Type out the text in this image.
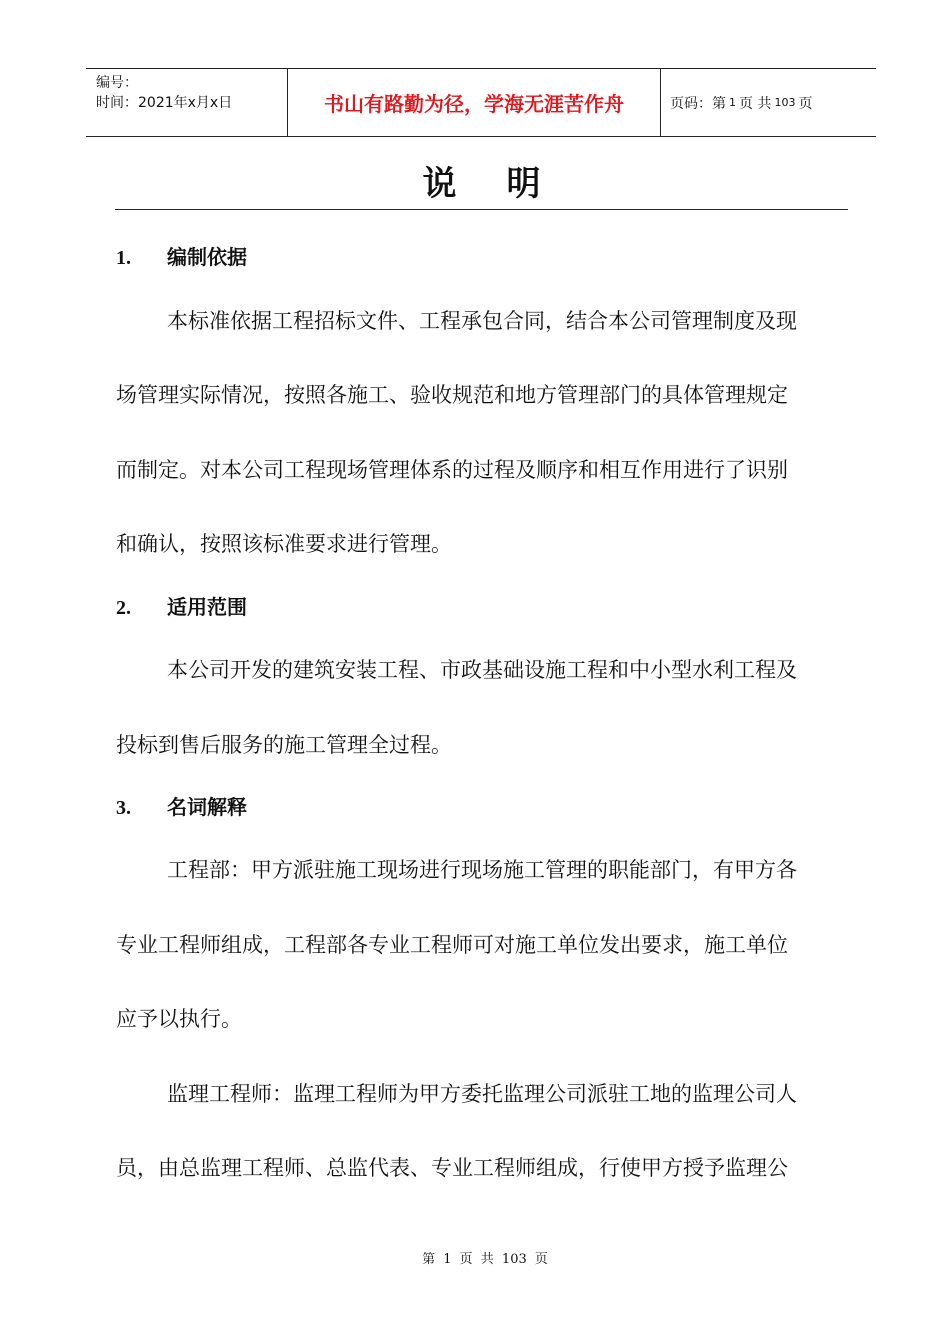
编号：
时间：2021年x月x日	书山有路勤为径，学海无涯苦作舟	页码：第 1 页 共 103 页
说明
1. 编制依据
本标准依据工程招标文件、工程承包合同，结合本公司管理制度及现
场管理实际情况，按照各施工、验收规范和地方管理部门的具体管理规定
而制定。对本公司工程现场管理体系的过程及顺序和相互作用进行了识别
和确认，按照该标准要求进行管理。
2. 适用范围
本公司开发的建筑安装工程、市政基础设施工程和中小型水利工程及
投标到售后服务的施工管理全过程。
3. 名词解释
工程部：甲方派驻施工现场进行现场施工管理的职能部门，有甲方各
专业工程师组成，工程部各专业工程师可对施工单位发出要求，施工单位
应予以执行。
监理工程师：监理工程师为甲方委托监理公司派驻工地的监理公司人
员，由总监理工程师、总监代表、专业工程师组成，行使甲方授予监理公
第 1 页 共 103 页
